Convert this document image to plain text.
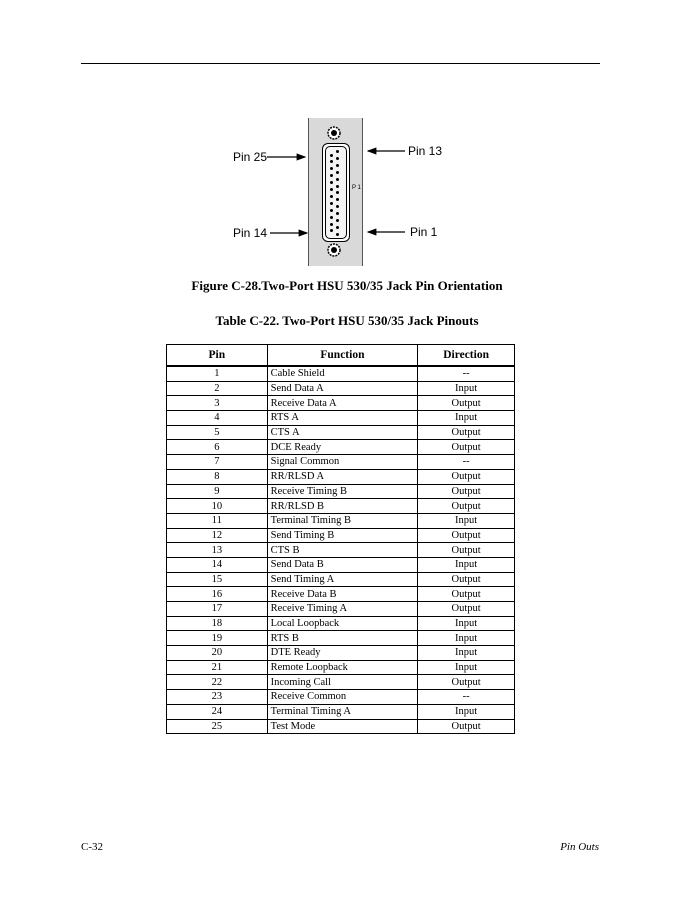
P 1
Pin 25	Pin 13
Pin 14	Pin 1
Figure C-28.Two-Port HSU 530/35 Jack Pin Orientation
Table C-22. Two-Port HSU 530/35 Jack Pinouts
Pin	Function	Direction
1	Cable Shield	--
2	Send Data A	Input
3	Receive Data A	Output
4	RTS A	Input
5	CTS A	Output
6	DCE Ready	Output
7	Signal Common	--
8	RR/RLSD A	Output
9	Receive Timing B	Output
10	RR/RLSD B	Output
11	Terminal Timing B	Input
12	Send Timing B	Output
13	CTS B	Output
14	Send Data B	Input
15	Send Timing A	Output
16	Receive Data B	Output
17	Receive Timing A	Output
18	Local Loopback	Input
19	RTS B	Input
20	DTE Ready	Input
21	Remote Loopback	Input
22	Incoming Call	Output
23	Receive Common	--
24	Terminal Timing A	Input
25	Test Mode	Output
C-32	Pin Outs
